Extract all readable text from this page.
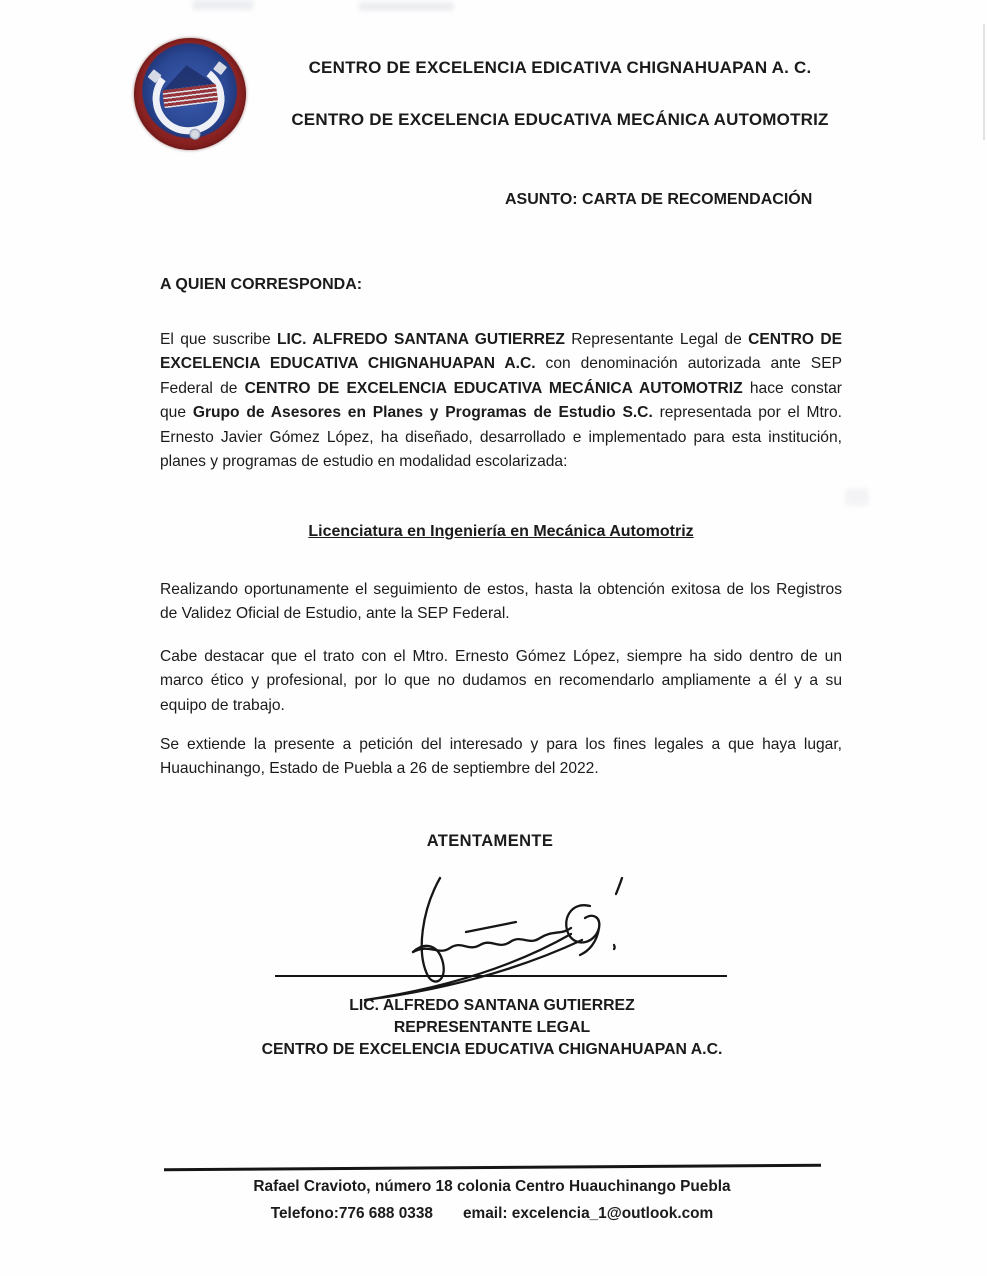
CENTRO DE EXCELENCIA EDICATIVA CHIGNAHUAPAN A. C.
CENTRO DE EXCELENCIA EDUCATIVA MECÁNICA AUTOMOTRIZ
ASUNTO: CARTA DE RECOMENDACIÓN
A QUIEN CORRESPONDA:
El que suscribe LIC. ALFREDO SANTANA GUTIERREZ Representante Legal de CENTRO DE EXCELENCIA EDUCATIVA CHIGNAHUAPAN A.C. con denominación autorizada ante SEP Federal de CENTRO DE EXCELENCIA EDUCATIVA MECÁNICA AUTOMOTRIZ hace constar que Grupo de Asesores en Planes y Programas de Estudio S.C. representada por el Mtro. Ernesto Javier Gómez López, ha diseñado, desarrollado e implementado para esta institución, planes y programas de estudio en modalidad escolarizada:
Licenciatura en Ingeniería en Mecánica Automotriz
Realizando oportunamente el seguimiento de estos, hasta la obtención exitosa de los Registros de Validez Oficial de Estudio, ante la SEP Federal.
Cabe destacar que el trato con el Mtro. Ernesto Gómez López, siempre ha sido dentro de un marco ético y profesional, por lo que no dudamos en recomendarlo ampliamente a él y a su equipo de trabajo.
Se extiende la presente a petición del interesado y para los fines legales a que haya lugar, Huauchinango, Estado de Puebla a 26 de septiembre del 2022.
ATENTAMENTE
LIC. ALFREDO SANTANA GUTIERREZ
REPRESENTANTE LEGAL
CENTRO DE EXCELENCIA EDUCATIVA CHIGNAHUAPAN A.C.
Rafael Cravioto, número 18 colonia Centro Huauchinango Puebla
Telefono:776 688 0338 email: excelencia_1@outlook.com
